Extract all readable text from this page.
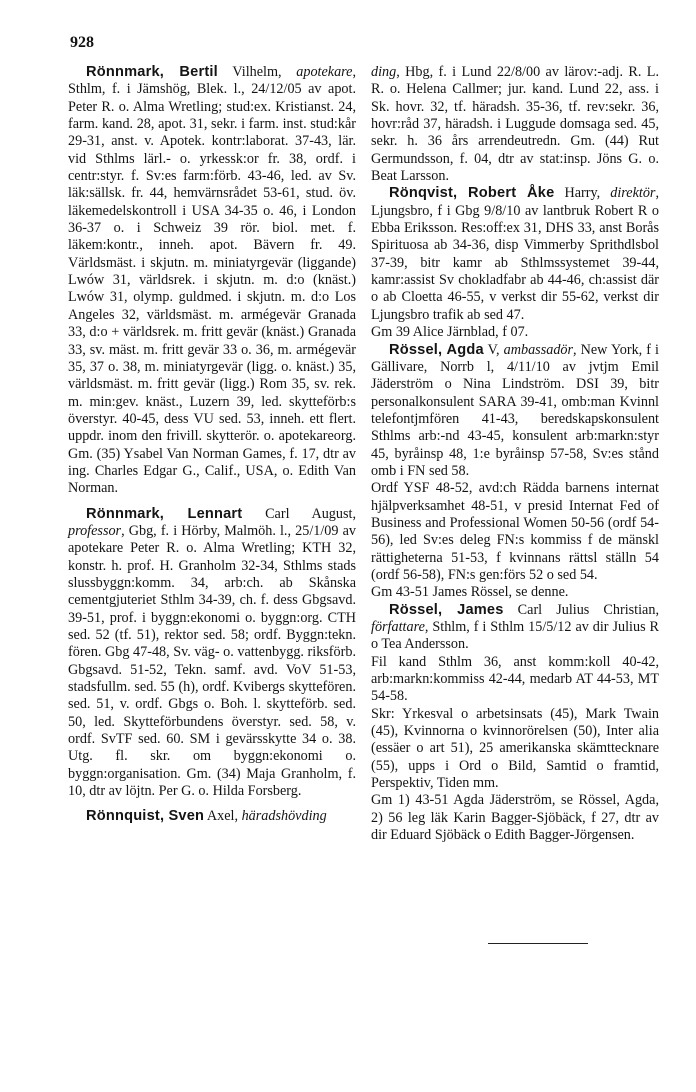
928

Rönnmark, Bertil Vilhelm, apotekare, Sthlm, f. i Jämshög, Blek. l., 24/12/05 av apot. Peter R. o. Alma Wretling; stud:ex. Kristianst. 24, farm. kand. 28, apot. 31, sekr. i farm. inst. stud:kår 29-31, anst. v. Apotek. kontr:laborat. 37-43, lär. vid Sthlms lärl.- o. yrkessk:or fr. 38, ordf. i centr:styr. f. Sv:es farm:förb. 43-46, led. av Sv. läk:sällsk. fr. 44, hemvärnsrådet 53-61, stud. öv. läkemedelskontroll i USA 34-35 o. 46, i London 36-37 o. i Schweiz 39 rör. biol. met. f. läkem:kontr., inneh. apot. Bävern fr. 49. Världsmäst. i skjutn. m. miniatyrgevär (liggande) Lwów 31, världsrek. i skjutn. m. d:o (knäst.) Lwów 31, olymp. guldmed. i skjutn. m. d:o Los Angeles 32, världsmäst. m. armégevär Granada 33, d:o + världsrek. m. fritt gevär (knäst.) Granada 33, sv. mäst. m. fritt gevär 33 o. 36, m. armégevär 35, 37 o. 38, m. miniatyrgevär (ligg. o. knäst.) 35, världsmäst. m. fritt gevär (ligg.) Rom 35, sv. rek. m. min:gev. knäst., Luzern 39, led. skytteförb:s överstyr. 40-45, dess VU sed. 53, inneh. ett flert. uppdr. inom den frivill. skytterör. o. apotekareorg. Gm. (35) Ysabel Van Norman Games, f. 17, dtr av ing. Charles Edgar G., Calif., USA, o. Edith Van Norman.

Rönnmark, Lennart Carl August, professor, Gbg, f. i Hörby, Malmöh. l., 25/1/09 av apotekare Peter R. o. Alma Wretling; KTH 32, konstr. h. prof. H. Granholm 32-34, Sthlms stads slussbyggn:komm. 34, arb:ch. ab Skånska cementgjuteriet Sthlm 34-39, ch. f. dess Gbgsavd. 39-51, prof. i byggn:ekonomi o. byggn:org. CTH sed. 52 (tf. 51), rektor sed. 58; ordf. Byggn:tekn. fören. Gbg 47-48, Sv. väg- o. vattenbygg. riksförb. Gbgsavd. 51-52, Tekn. samf. avd. VoV 51-53, stadsfullm. sed. 55 (h), ordf. Kvibergs skyttefören. sed. 51, v. ordf. Gbgs o. Boh. l. skytteförb. sed. 50, led. Skytteförbundens överstyr. sed. 58, v. ordf. SvTF sed. 60. SM i gevärsskytte 34 o. 38. Utg. fl. skr. om byggn:ekonomi o. byggn:organisation. Gm. (34) Maja Granholm, f. 10, dtr av löjtn. Per G. o. Hilda Forsberg.

Rönnquist, Sven Axel, häradshövding

ding, Hbg, f. i Lund 22/8/00 av lärov:-adj. R. L. R. o. Helena Callmer; jur. kand. Lund 22, ass. i Sk. hovr. 32, tf. häradsh. 35-36, tf. rev:sekr. 36, hovr:råd 37, häradsh. i Luggude domsaga sed. 45, sekr. h. 36 års arrendeutredn. Gm. (44) Rut Germundsson, f. 04, dtr av stat:insp. Jöns G. o. Beat Larsson.

Rönqvist, Robert Åke Harry, direktör, Ljungsbro, f i Gbg 9/8/10 av lantbruk Robert R o Ebba Eriksson. Res:off:ex 31, DHS 33, anst Borås Spirituosa ab 34-36, disp Vimmerby Sprithdlsbol 37-39, bitr kamr ab Sthlmssystemet 39-44, kamr:assist Sv chokladfabr ab 44-46, ch:assist där o ab Cloetta 46-55, v verkst dir 55-62, verkst dir Ljungsbro trafik ab sed 47.

Gm 39 Alice Järnblad, f 07.

Rössel, Agda V, ambassadör, New York, f i Gällivare, Norrb l, 4/11/10 av jvtjm Emil Jäderström o Nina Lindström. DSI 39, bitr personalkonsulent SARA 39-41, omb:man Kvinnl telefontjmfören 41-43, beredskapskonsulent Sthlms arb:-nd 43-45, konsulent arb:markn:styr 45, byråinsp 48, 1:e byråinsp 57-58, Sv:es stånd omb i FN sed 58.

Ordf YSF 48-52, avd:ch Rädda barnens internat hjälpverksamhet 48-51, v presid Internat Fed of Business and Professional Women 50-56 (ordf 54-56), led Sv:es deleg FN:s kommiss f de mänskl rättigheterna 51-53, f kvinnans rättsl ställn 54 (ordf 56-58), FN:s gen:förs 52 o sed 54.

Gm 43-51 James Rössel, se denne.

Rössel, James Carl Julius Christian, författare, Sthlm, f i Sthlm 15/5/12 av dir Julius R o Tea Andersson.

Fil kand Sthlm 36, anst komm:koll 40-42, arb:markn:kommiss 42-44, medarb AT 44-53, MT 54-58.

Skr: Yrkesval o arbetsinsats (45), Mark Twain (45), Kvinnorna o kvinnorörelsen (50), Inter alia (essäer o art 51), 25 amerikanska skämttecknare (55), upps i Ord o Bild, Samtid o framtid, Perspektiv, Tiden mm.

Gm 1) 43-51 Agda Jäderström, se Rössel, Agda, 2) 56 leg läk Karin Bagger-Sjöbäck, f 27, dtr av dir Eduard Sjöbäck o Edith Bagger-Jörgensen.
